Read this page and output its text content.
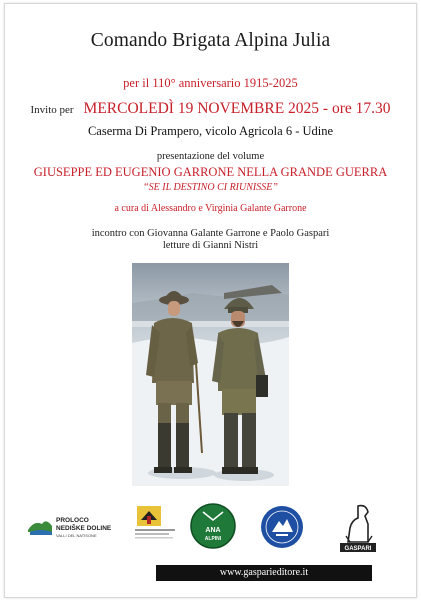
Comando Brigata Alpina Julia
per il 110° anniversario 1915-2025
Invito per MERCOLEDÌ 19 NOVEMBRE 2025 - ore 17.30
Caserma Di Prampero, vicolo Agricola 6 - Udine
presentazione del volume
GIUSEPPE ED EUGENIO GARRONE NELLA GRANDE GUERRA
“SE IL DESTINO CI RIUNISSE”
a cura di Alessandro e Virginia Galante Garrone
incontro con Giovanna Galante Garrone e Paolo Gaspari
letture di Gianni Nistri
PROLOCO
NEDIŠKE DOLINE
VALLI DEL NATISONE
ANA
ALPINI
GASPARI
www.gasparieditore.it
